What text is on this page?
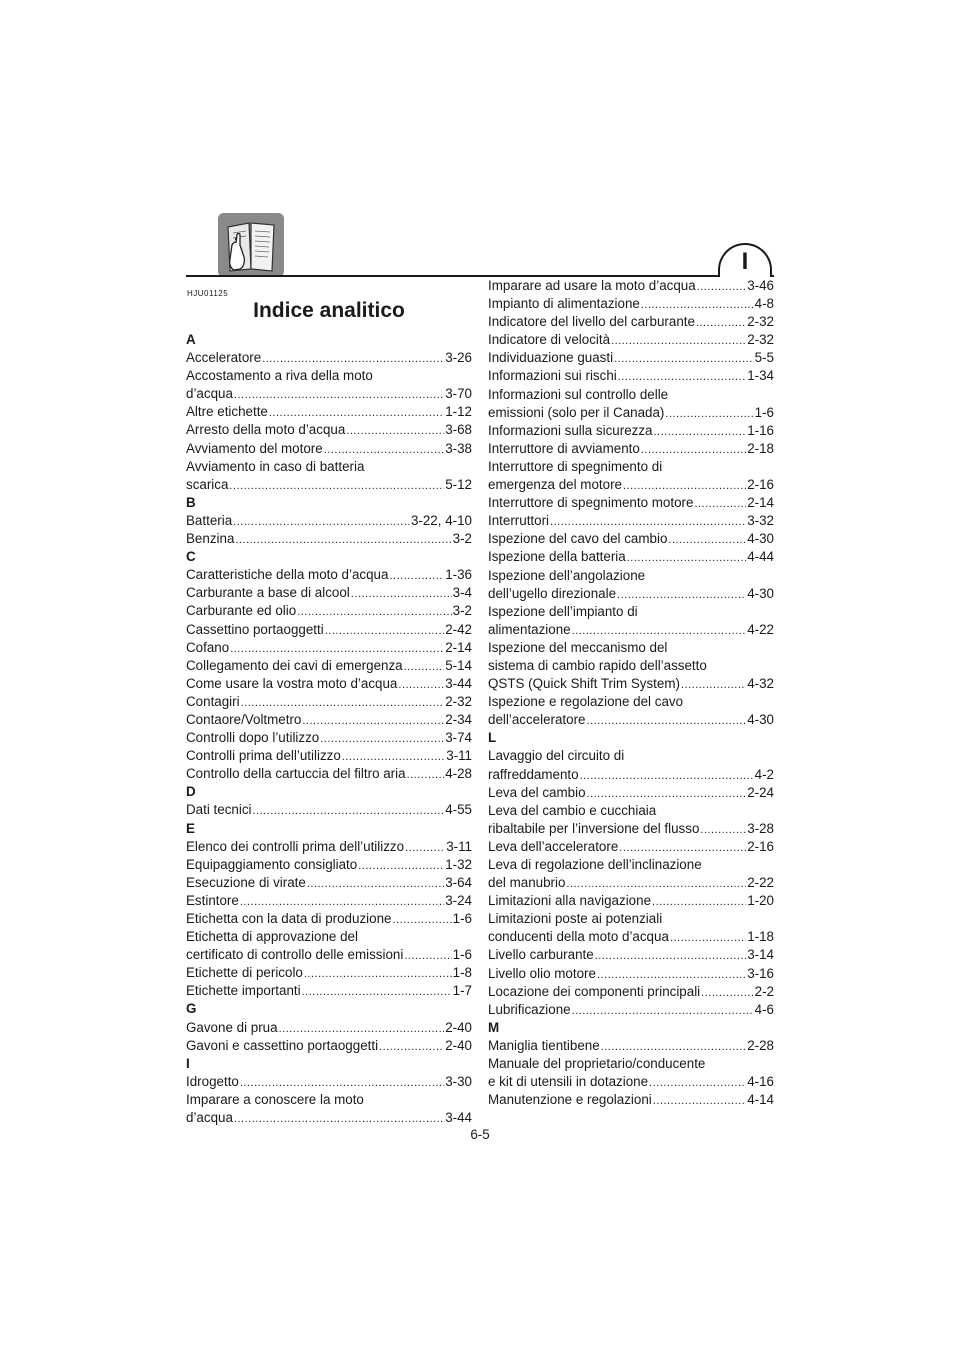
I
HJU01125
Indice analitico
A
Acceleratore .....	3-26
Accostamento a riva della moto
d’acqua .....	3-70
Altre etichette .....	1-12
Arresto della moto d’acqua .....	3-68
Avviamento del motore .....	3-38
Avviamento in caso di batteria
scarica .....	5-12
B
Batteria .....	3-22, 4-10
Benzina .....	3-2
C
Caratteristiche della moto d’acqua .....	1-36
Carburante a base di alcool .....	3-4
Carburante ed olio .....	3-2
Cassettino portaoggetti .....	2-42
Cofano .....	2-14
Collegamento dei cavi di emergenza .....	5-14
Come usare la vostra moto d’acqua .....	3-44
Contagiri .....	2-32
Contaore/Voltmetro .....	2-34
Controlli dopo l’utilizzo .....	3-74
Controlli prima dell’utilizzo .....	3-11
Controllo della cartuccia del filtro aria .....	4-28
D
Dati tecnici .....	4-55
E
Elenco dei controlli prima dell’utilizzo .....	3-11
Equipaggiamento consigliato .....	1-32
Esecuzione di virate .....	3-64
Estintore .....	3-24
Etichetta con la data di produzione .....	1-6
Etichetta di approvazione del
certificato di controllo delle emissioni .....	1-6
Etichette di pericolo .....	1-8
Etichette importanti .....	1-7
G
Gavone di prua .....	2-40
Gavoni e cassettino portaoggetti .....	2-40
I
Idrogetto .....	3-30
Imparare a conoscere la moto
d’acqua .....	3-44
Imparare ad usare la moto d’acqua .....	3-46
Impianto di alimentazione .....	4-8
Indicatore del livello del carburante .....	2-32
Indicatore di velocità .....	2-32
Individuazione guasti .....	5-5
Informazioni sui rischi .....	1-34
Informazioni sul controllo delle
emissioni (solo per il Canada) .....	1-6
Informazioni sulla sicurezza .....	1-16
Interruttore di avviamento .....	2-18
Interruttore di spegnimento di
emergenza del motore .....	2-16
Interruttore di spegnimento motore .....	2-14
Interruttori .....	3-32
Ispezione del cavo del cambio .....	4-30
Ispezione della batteria .....	4-44
Ispezione dell’angolazione
dell’ugello direzionale .....	4-30
Ispezione dell’impianto di
alimentazione .....	4-22
Ispezione del meccanismo del
sistema di cambio rapido dell’assetto
QSTS (Quick Shift Trim System) .....	4-32
Ispezione e regolazione del cavo
dell’acceleratore .....	4-30
L
Lavaggio del circuito di
raffreddamento .....	4-2
Leva del cambio .....	2-24
Leva del cambio e cucchiaia
ribaltabile per l’inversione del flusso .....	3-28
Leva dell’acceleratore .....	2-16
Leva di regolazione dell’inclinazione
del manubrio .....	2-22
Limitazioni alla navigazione .....	1-20
Limitazioni poste ai potenziali
conducenti della moto d’acqua .....	1-18
Livello carburante .....	3-14
Livello olio motore .....	3-16
Locazione dei componenti principali .....	2-2
Lubrificazione .....	4-6
M
Maniglia tientibene .....	2-28
Manuale del proprietario/conducente
e kit di utensili in dotazione .....	4-16
Manutenzione e regolazioni .....	4-14
6-5
